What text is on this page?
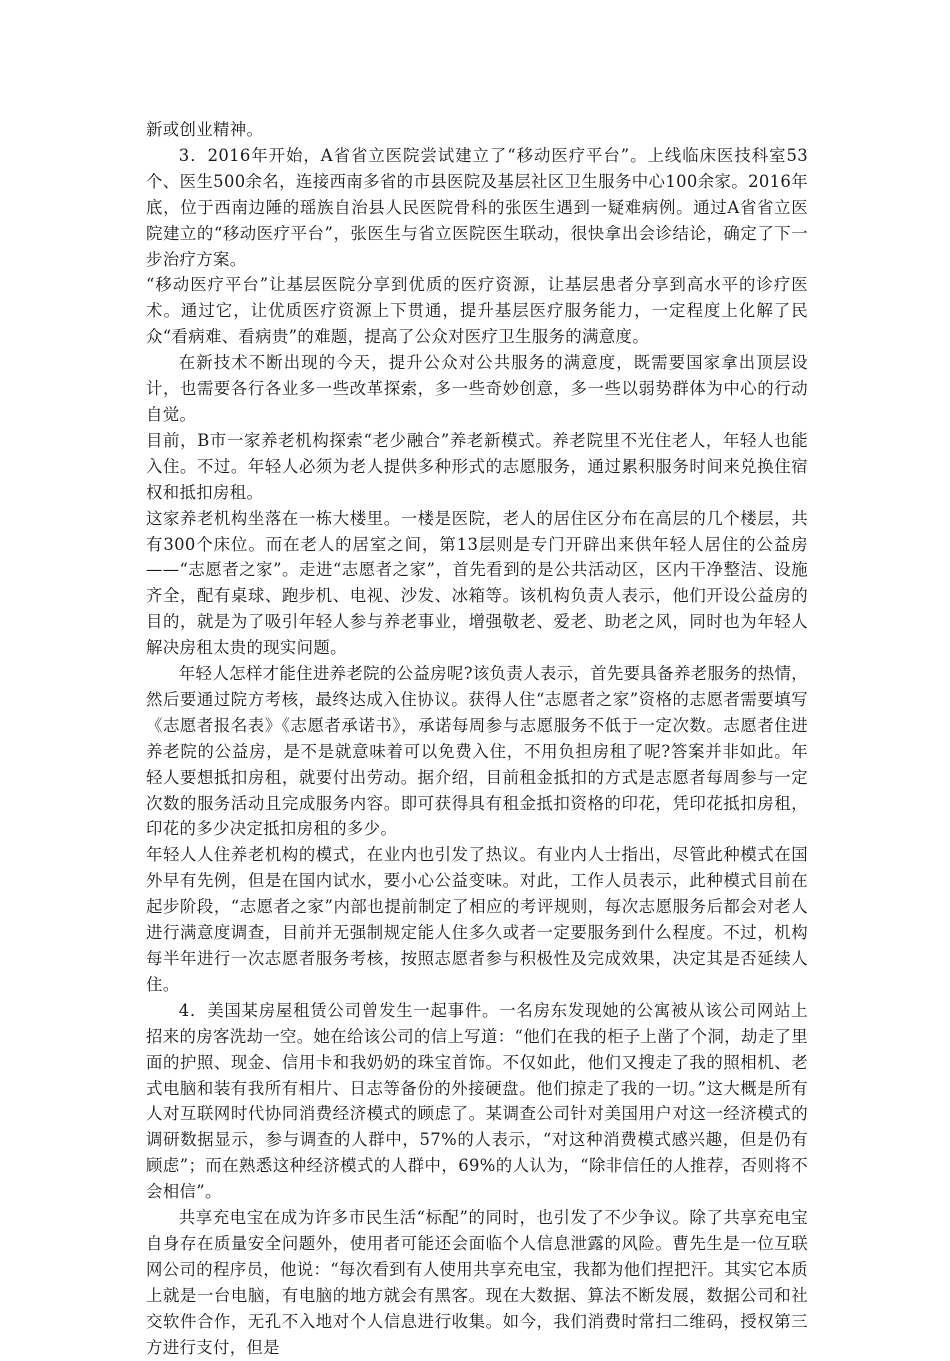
新或创业精神。

3．2016年开始，A省省立医院尝试建立了“移动医疗平台”。上线临床医技科室53个、医生500余名，连接西南多省的市县医院及基层社区卫生服务中心100余家。2016年底，位于西南边陲的瑶族自治县人民医院骨科的张医生遇到一疑难病例。通过A省省立医院建立的“移动医疗平台”，张医生与省立医院医生联动，很快拿出会诊结论，确定了下一步治疗方案。

“移动医疗平台”让基层医院分享到优质的医疗资源，让基层患者分享到高水平的诊疗医术。通过它，让优质医疗资源上下贯通，提升基层医疗服务能力，一定程度上化解了民众“看病难、看病贵”的难题，提高了公众对医疗卫生服务的满意度。

在新技术不断出现的今天，提升公众对公共服务的满意度，既需要国家拿出顶层设计，也需要各行各业多一些改革探索，多一些奇妙创意，多一些以弱势群体为中心的行动自觉。

目前，B市一家养老机构探索“老少融合”养老新模式。养老院里不光住老人，年轻人也能入住。不过。年轻人必须为老人提供多种形式的志愿服务，通过累积服务时间来兑换住宿权和抵扣房租。

这家养老机构坐落在一栋大楼里。一楼是医院，老人的居住区分布在高层的几个楼层，共有300个床位。而在老人的居室之间，第13层则是专门开辟出来供年轻人居住的公益房——“志愿者之家”。走进“志愿者之家”，首先看到的是公共活动区，区内干净整洁、设施齐全，配有桌球、跑步机、电视、沙发、冰箱等。该机构负责人表示，他们开设公益房的目的，就是为了吸引年轻人参与养老事业，增强敬老、爱老、助老之风，同时也为年轻人解决房租太贵的现实问题。

年轻人怎样才能住进养老院的公益房呢?该负责人表示，首先要具备养老服务的热情，然后要通过院方考核，最终达成入住协议。获得人住“志愿者之家”资格的志愿者需要填写《志愿者报名表》《志愿者承诺书》，承诺每周参与志愿服务不低于一定次数。志愿者住进养老院的公益房，是不是就意味着可以免费入住，不用负担房租了呢?答案并非如此。年轻人要想抵扣房租，就要付出劳动。据介绍，目前租金抵扣的方式是志愿者每周参与一定次数的服务活动且完成服务内容。即可获得具有租金抵扣资格的印花，凭印花抵扣房租，印花的多少决定抵扣房租的多少。

年轻人人住养老机构的模式，在业内也引发了热议。有业内人士指出，尽管此种模式在国外早有先例，但是在国内试水，要小心公益变味。对此，工作人员表示，此种模式目前在起步阶段，“志愿者之家”内部也提前制定了相应的考评规则，每次志愿服务后都会对老人进行满意度调查，目前并无强制规定能人住多久或者一定要服务到什么程度。不过，机构每半年进行一次志愿者服务考核，按照志愿者参与积极性及完成效果，决定其是否延续人住。

4．美国某房屋租赁公司曾发生一起事件。一名房东发现她的公寓被从该公司网站上招来的房客洗劫一空。她在给该公司的信上写道：“他们在我的柜子上凿了个洞，劫走了里面的护照、现金、信用卡和我奶奶的珠宝首饰。不仅如此，他们又搜走了我的照相机、老式电脑和装有我所有相片、日志等备份的外接硬盘。他们掠走了我的一切。”这大概是所有人对互联网时代协同消费经济模式的顾虑了。某调查公司针对美国用户对这一经济模式的调研数据显示，参与调查的人群中，57%的人表示，“对这种消费模式感兴趣，但是仍有顾虑”；而在熟悉这种经济模式的人群中，69%的人认为，“除非信任的人推荐，否则将不会相信”。

共享充电宝在成为许多市民生活“标配”的同时，也引发了不少争议。除了共享充电宝自身存在质量安全问题外，使用者可能还会面临个人信息泄露的风险。曹先生是一位互联网公司的程序员，他说：“每次看到有人使用共享充电宝，我都为他们捏把汗。其实它本质上就是一台电脑，有电脑的地方就会有黑客。现在大数据、算法不断发展，数据公司和社交软件合作，无孔不入地对个人信息进行收集。如今，我们消费时常扫二维码，授权第三方进行支付，但是
